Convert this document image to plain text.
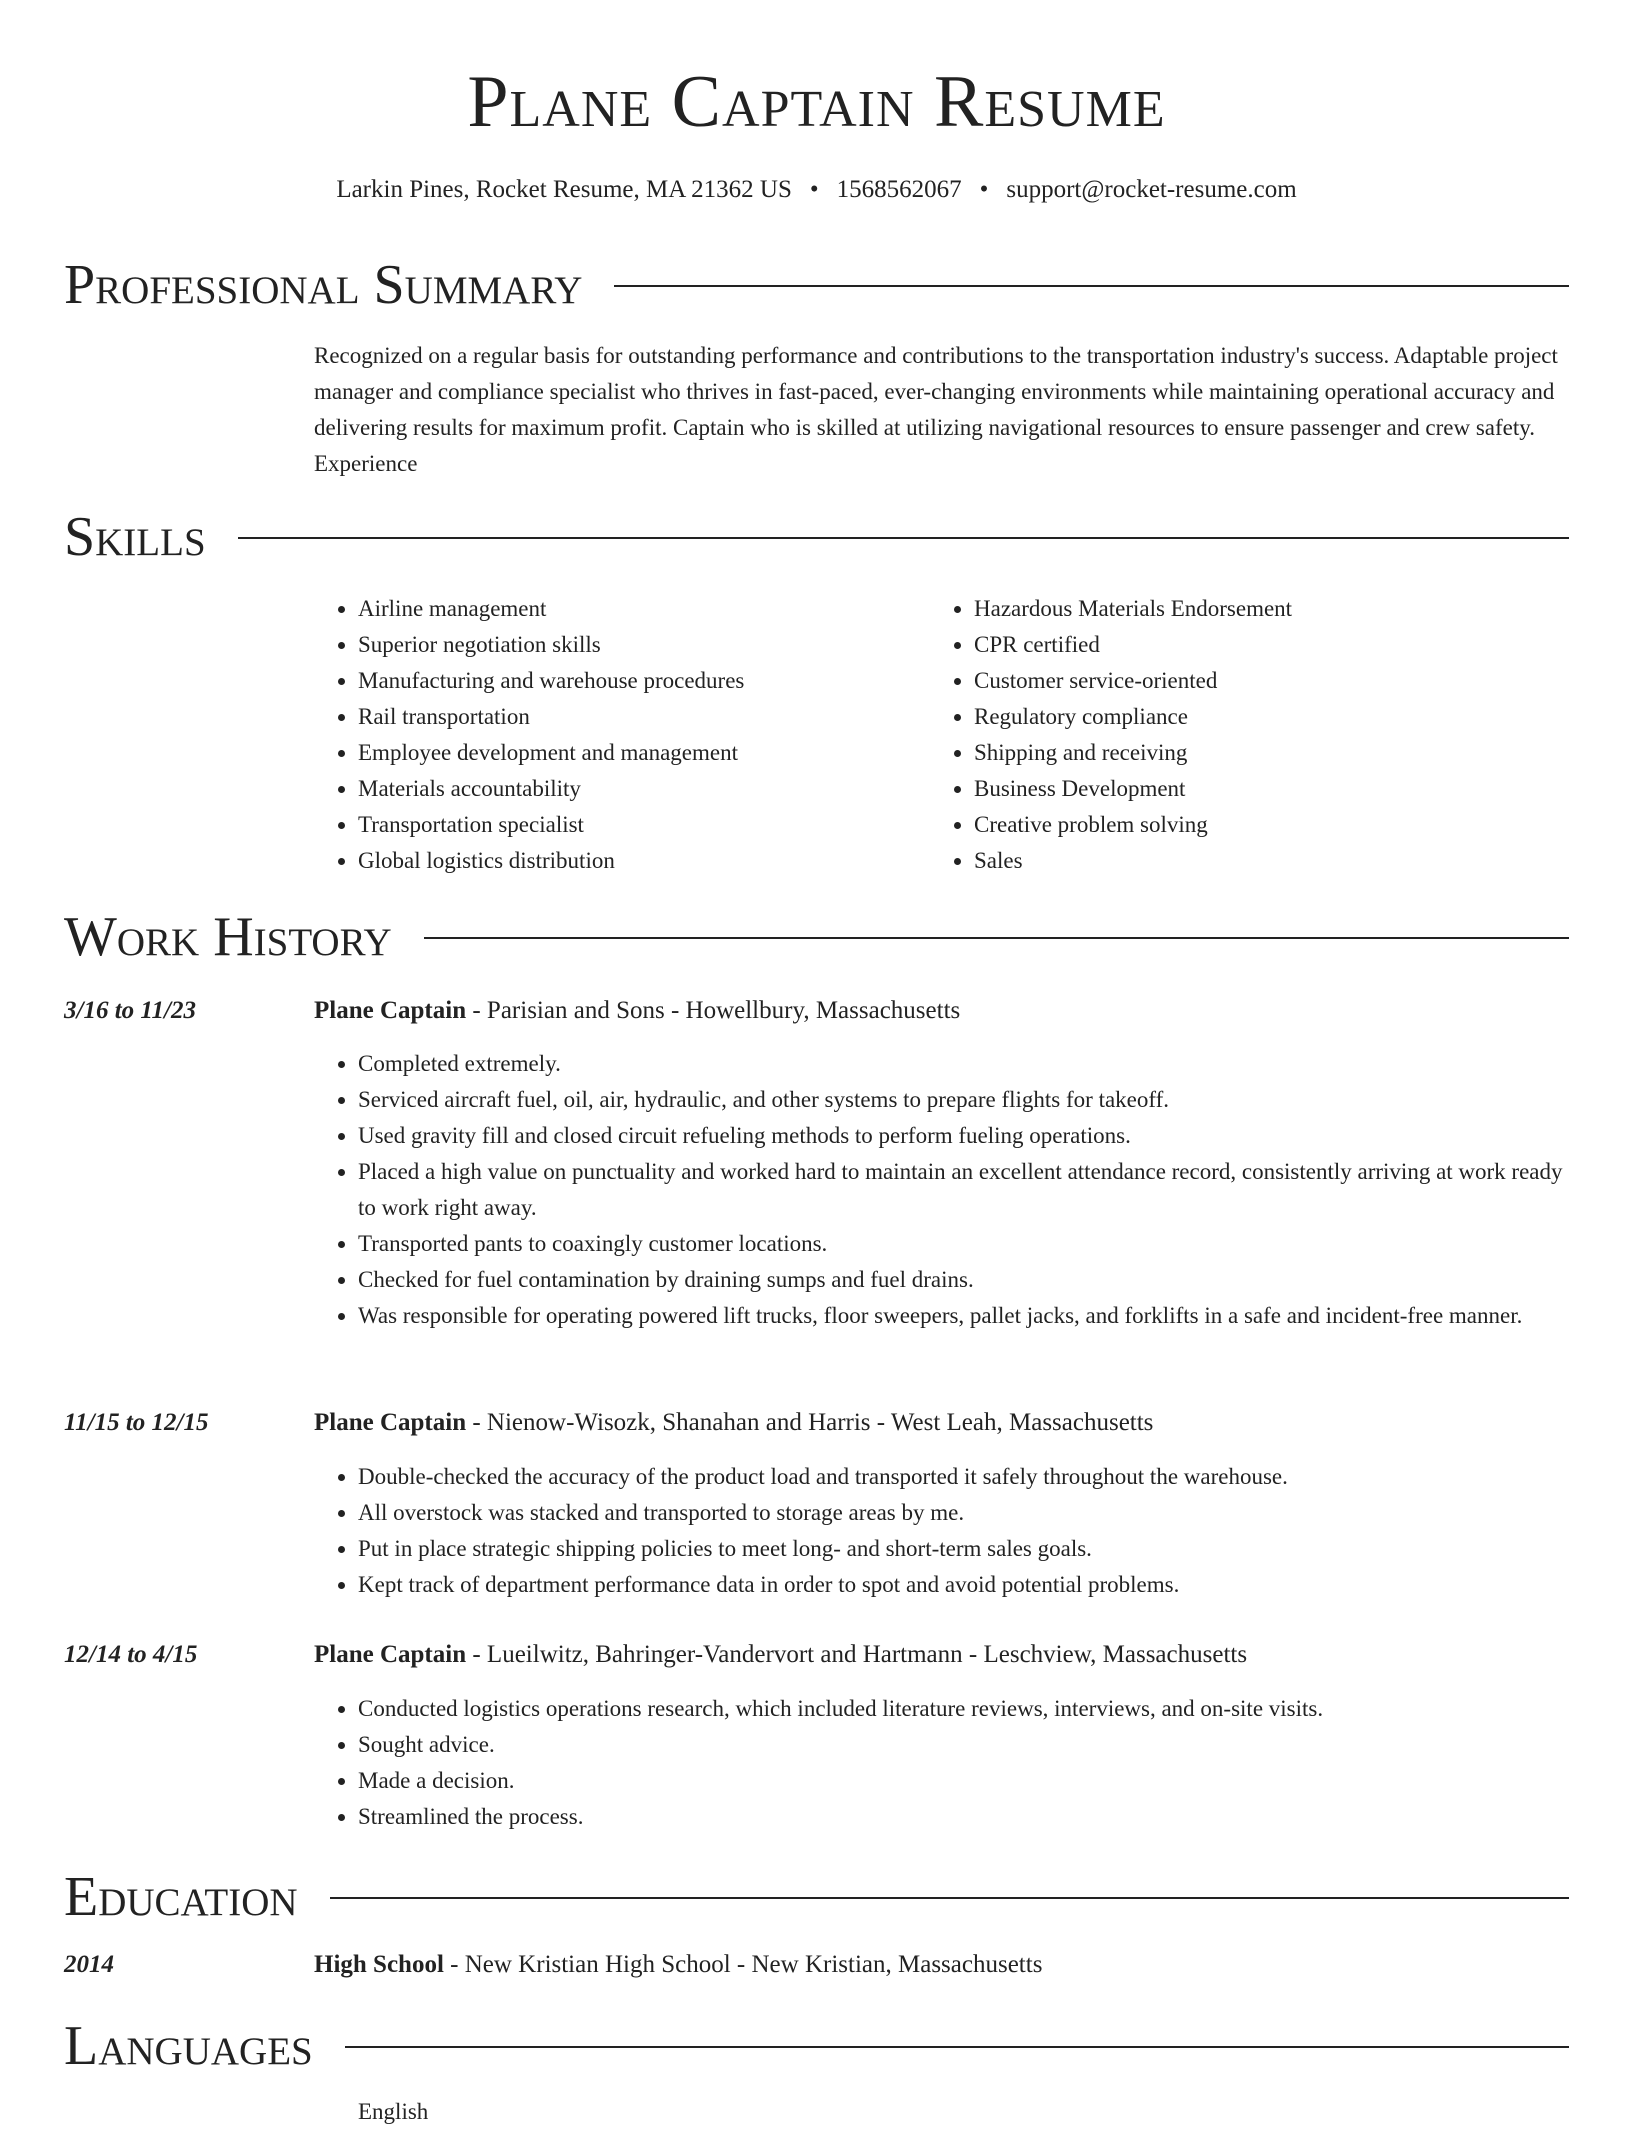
Plane Captain Resume
Larkin Pines, Rocket Resume, MA 21362 US • 1568562067 • support@rocket-resume.com
Professional Summary

Recognized on a regular basis for outstanding performance and contributions to the transportation industry's success. Adaptable project manager and compliance specialist who thrives in fast-paced, ever-changing environments while maintaining operational accuracy and delivering results for maximum profit. Captain who is skilled at utilizing navigational resources to ensure passenger and crew safety. Experience

Skills
• Airline management
• Superior negotiation skills
• Manufacturing and warehouse procedures
• Rail transportation
• Employee development and management
• Materials accountability
• Transportation specialist
• Global logistics distribution
• Hazardous Materials Endorsement
• CPR certified
• Customer service-oriented
• Regulatory compliance
• Shipping and receiving
• Business Development
• Creative problem solving
• Sales
Work History
3/16 to 11/23	Plane Captain - Parisian and Sons - Howellbury, Massachusetts
• Completed extremely.
• Serviced aircraft fuel, oil, air, hydraulic, and other systems to prepare flights for takeoff.
• Used gravity fill and closed circuit refueling methods to perform fueling operations.
• Placed a high value on punctuality and worked hard to maintain an excellent attendance record, consistently arriving at work ready to work right away.
• Transported pants to coaxingly customer locations.
• Checked for fuel contamination by draining sumps and fuel drains.
• Was responsible for operating powered lift trucks, floor sweepers, pallet jacks, and forklifts in a safe and incident-free manner.
11/15 to 12/15	Plane Captain - Nienow-Wisozk, Shanahan and Harris - West Leah, Massachusetts
• Double-checked the accuracy of the product load and transported it safely throughout the warehouse.
• All overstock was stacked and transported to storage areas by me.
• Put in place strategic shipping policies to meet long- and short-term sales goals.
• Kept track of department performance data in order to spot and avoid potential problems.
12/14 to 4/15	Plane Captain - Lueilwitz, Bahringer-Vandervort and Hartmann - Leschview, Massachusetts
• Conducted logistics operations research, which included literature reviews, interviews, and on-site visits.
• Sought advice.
• Made a decision.
• Streamlined the process.
Education
2014	High School - New Kristian High School - New Kristian, Massachusetts
Languages
English
